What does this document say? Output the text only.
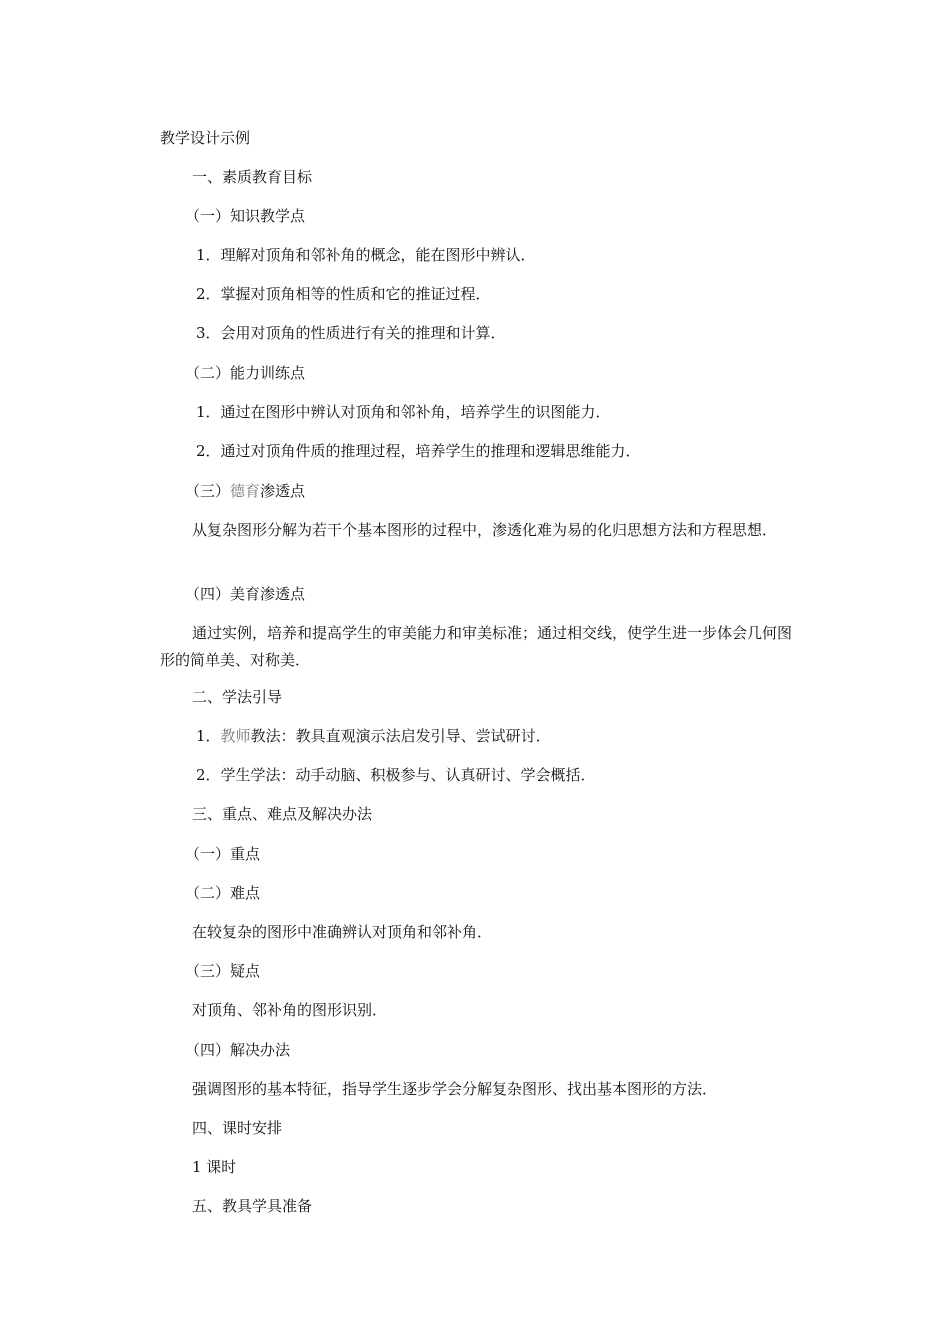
教学设计示例
一、素质教育目标
（一）知识教学点
1．理解对顶角和邻补角的概念，能在图形中辨认．
2．掌握对顶角相等的性质和它的推证过程．
3．会用对顶角的性质进行有关的推理和计算．
（二）能力训练点
1．通过在图形中辨认对顶角和邻补角，培养学生的识图能力．
2．通过对顶角件质的推理过程，培养学生的推理和逻辑思维能力．
（三）德育渗透点
从复杂图形分解为若干个基本图形的过程中，渗透化难为易的化归思想方法和方程思想．
（四）美育渗透点
通过实例，培养和提高学生的审美能力和审美标准；通过相交线，使学生进一步体会几何图形的简单美、对称美．
二、学法引导
1．教师教法：教具直观演示法启发引导、尝试研讨．
2．学生学法：动手动脑、积极参与、认真研讨、学会概括．
三、重点、难点及解决办法
（一）重点
（二）难点
在较复杂的图形中准确辨认对顶角和邻补角．
（三）疑点
对顶角、邻补角的图形识别．
（四）解决办法
强调图形的基本特征，指导学生逐步学会分解复杂图形、找出基本图形的方法．
四、课时安排
1 课时
五、教具学具准备
